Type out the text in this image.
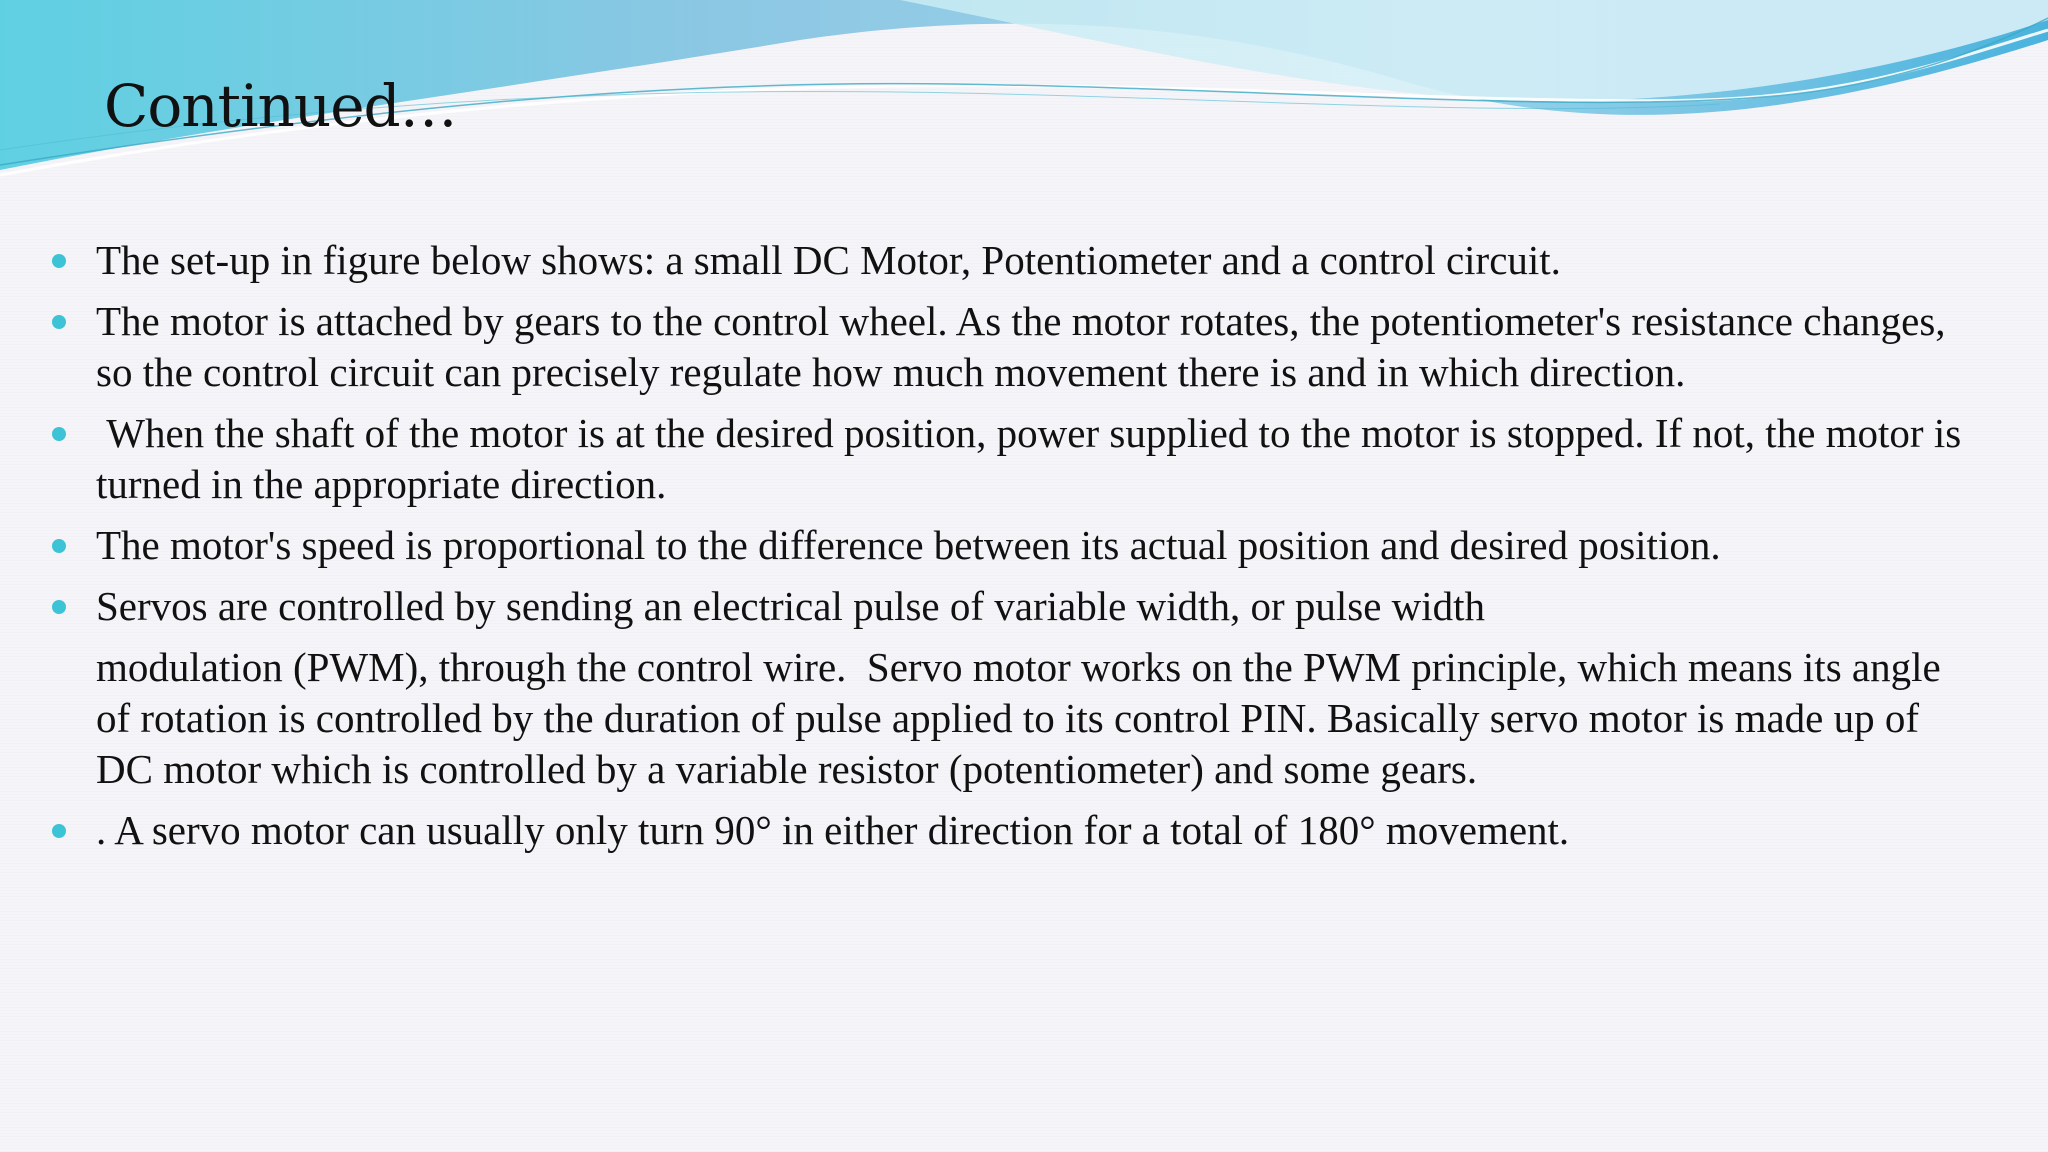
Continued…
The set-up in figure below shows: a small DC Motor, Potentiometer and a control circuit.
The motor is attached by gears to the control wheel. As the motor rotates, the potentiometer's resistance changes, so the control circuit can precisely regulate how much movement there is and in which direction.
When the shaft of the motor is at the desired position, power supplied to the motor is stopped. If not, the motor is turned in the appropriate direction.
The motor's speed is proportional to the difference between its actual position and desired position.
Servos are controlled by sending an electrical pulse of variable width, or pulse width
modulation (PWM), through the control wire.  Servo motor works on the PWM principle, which means its angle of rotation is controlled by the duration of pulse applied to its control PIN. Basically servo motor is made up of DC motor which is controlled by a variable resistor (potentiometer) and some gears.
. A servo motor can usually only turn 90° in either direction for a total of 180° movement.
